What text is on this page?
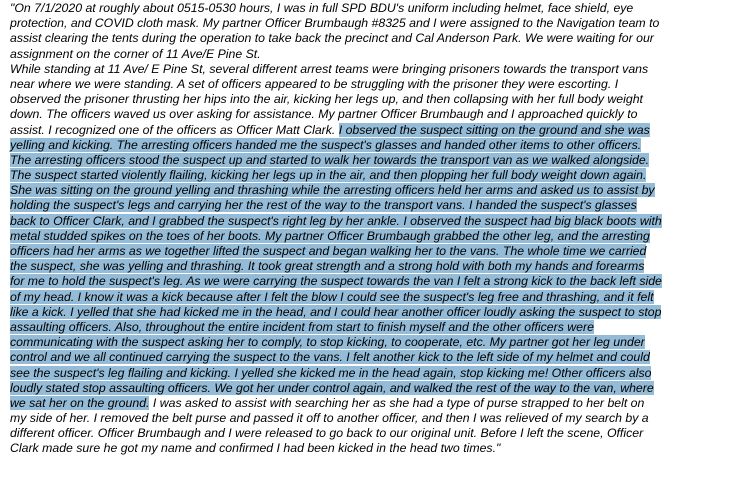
"On 7/1/2020 at roughly about 0515-0530 hours, I was in full SPD BDU's uniform including helmet, face shield, eye
protection, and COVID cloth mask. My partner Officer Brumbaugh #8325 and I were assigned to the Navigation team to
assist clearing the tents during the operation to take back the precinct and Cal Anderson Park. We were waiting for our
assignment on the corner of 11 Ave/E Pine St.
While standing at 11 Ave/ E Pine St, several different arrest teams were bringing prisoners towards the transport vans
near where we were standing. A set of officers appeared to be struggling with the prisoner they were escorting. I
observed the prisoner thrusting her hips into the air, kicking her legs up, and then collapsing with her full body weight
down. The officers waved us over asking for assistance. My partner Officer Brumbaugh and I approached quickly to
assist. I recognized one of the officers as Officer Matt Clark. I observed the suspect sitting on the ground and she was
yelling and kicking. The arresting officers handed me the suspect's glasses and handed other items to other officers.
The arresting officers stood the suspect up and started to walk her towards the transport van as we walked alongside.
The suspect started violently flailing, kicking her legs up in the air, and then plopping her full body weight down again.
She was sitting on the ground yelling and thrashing while the arresting officers held her arms and asked us to assist by
holding the suspect's legs and carrying her the rest of the way to the transport vans. I handed the suspect's glasses
back to Officer Clark, and I grabbed the suspect's right leg by her ankle. I observed the suspect had big black boots with
metal studded spikes on the toes of her boots. My partner Officer Brumbaugh grabbed the other leg, and the arresting
officers had her arms as we together lifted the suspect and began walking her to the vans. The whole time we carried
the suspect, she was yelling and thrashing. It took great strength and a strong hold with both my hands and forearms
for me to hold the suspect's leg. As we were carrying the suspect towards the van I felt a strong kick to the back left side
of my head. I know it was a kick because after I felt the blow I could see the suspect's leg free and thrashing, and it felt
like a kick. I yelled that she had kicked me in the head, and I could hear another officer loudly asking the suspect to stop
assaulting officers. Also, throughout the entire incident from start to finish myself and the other officers were
communicating with the suspect asking her to comply, to stop kicking, to cooperate, etc. My partner got her leg under
control and we all continued carrying the suspect to the vans. I felt another kick to the left side of my helmet and could
see the suspect's leg flailing and kicking. I yelled she kicked me in the head again, stop kicking me! Other officers also
loudly stated stop assaulting officers. We got her under control again, and walked the rest of the way to the van, where
we sat her on the ground. I was asked to assist with searching her as she had a type of purse strapped to her belt on
my side of her. I removed the belt purse and passed it off to another officer, and then I was relieved of my search by a
different officer. Officer Brumbaugh and I were released to go back to our original unit. Before I left the scene, Officer
Clark made sure he got my name and confirmed I had been kicked in the head two times."
